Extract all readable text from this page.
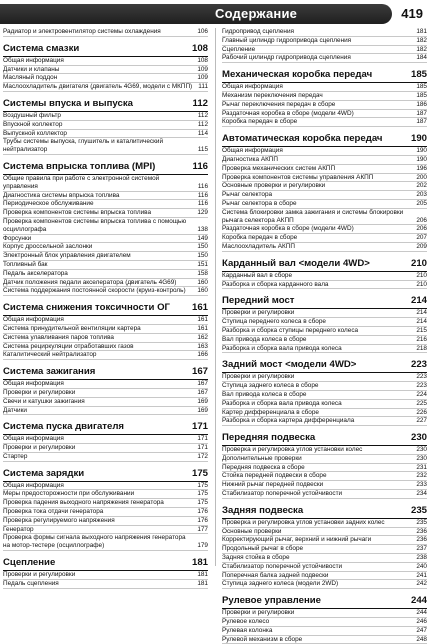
Содержание	419
Радиатор и электровентилятор системы охлаждения	106
Система смазки	108
Общая информация	108
Датчики и клапаны	109
Масляный поддон	109
Маслоохладитель двигателя (двигатель 4G69, модели с МКПП) 111
Системы впуска и выпуска	112
Воздушный фильтр	112
Впускной коллектор	112
Выпускной коллектор	114
Трубы системы выпуска, глушитель и каталитический нейтрализатор	115
Система впрыска топлива (MPI)	116
Общие правила при работе с электронной системой управления	116
Диагностика системы впрыска топлива	116
Периодическое обслуживание	116
Проверка компонентов системы впрыска топлива	129
Проверка компонентов системы впрыска топлива с помощью осциллографа	138
Форсунки	149
Корпус дроссельной заслонки	150
Электронный блок управления двигателем	150
Топливный бак	151
Педаль акселератора	158
Датчик положения педали акселератора (двигатель 4G69)	160
Система поддержания постоянной скорости (круиз-контроль)	160
Система снижения токсичности ОГ	161
Общая информация	161
Система принудительной вентиляции картера	161
Система улавливания паров топлива	162
Система рециркуляции отработавших газов	163
Каталитический нейтрализатор	166
Система зажигания	167
Общая информация	167
Проверки и регулировки	167
Свечи и катушки зажигания	169
Датчики	169
Система пуска двигателя	171
Общая информация	171
Проверки и регулировки	171
Стартер	172
Система зарядки	175
Общая информация	175
Меры предосторожности при обслуживании	175
Проверка падения выходного напряжения генератора	175
Проверка тока отдачи генератора	176
Проверка регулируемого напряжения	176
Генератор	177
Проверка формы сигнала выходного напряжения генератора на мотор-тестере (осциллографе)	179
Сцепление	181
Проверки и регулировки	181
Педаль сцепления	181
Гидропривод сцепления	181
Главный цилиндр гидропривода сцепления	182
Сцепление	182
Рабочий цилиндр гидропривода сцепления	184
Механическая коробка передач	185
Общая информация	185
Механизм переключения передач	185
Рычаг переключения передач в сборе	186
Раздаточная коробка в сборе (модели 4WD)	187
Коробка передач в сборе	187
Автоматическая коробка передач	190
Общая информация	190
Диагностика АКПП	190
Проверка механических систем АКПП	196
Проверка компонентов системы управления АКПП	200
Основные проверки и регулировки	202
Рычаг селектора	203
Рычаг селектора в сборе	205
Система блокировки замка зажигания и системы блокировки рычага селектора АКПП	206
Раздаточная коробка в сборе (модели 4WD)	206
Коробка передач в сборе	207
Маслоохладитель АКПП	209
Карданный вал <модели 4WD>	210
Карданный вал в сборе	210
Разборка и сборка карданного вала	210
Передний мост	214
Проверки и регулировки	214
Ступица переднего колеса в сборе	214
Разборка и сборка ступицы переднего колеса	215
Вал привода колеса в сборе	216
Разборка и сборка вала привода колеса	218
Задний мост <модели 4WD>	223
Проверки и регулировки	223
Ступица заднего колеса в сборе	223
Вал привода колеса в сборе	224
Разборка и сборка вала привода колеса	225
Картер дифференциала в сборе	226
Разборка и сборка картера дифференциала	227
Передняя подвеска	230
Проверка и регулировка углов установки колес	230
Дополнительные проверки	230
Передняя подвеска в сборе	231
Стойка передней подвески в сборе	232
Нижний рычаг передней подвески	233
Стабилизатор поперечной устойчивости	234
Задняя подвеска	235
Проверка и регулировка углов установки задних колес	235
Основные проверки	236
Корректирующий рычаг, верхний и нижний рычаги	236
Продольный рычаг в сборе	237
Задняя стойка в сборе	238
Стабилизатор поперечной устойчивости	240
Поперечная балка задней подвески	241
Ступица заднего колеса (модели 2WD)	242
Рулевое управление	244
Проверки и регулировки	244
Рулевое колесо	246
Рулевая колонка	247
Рулевой механизм в сборе	248
